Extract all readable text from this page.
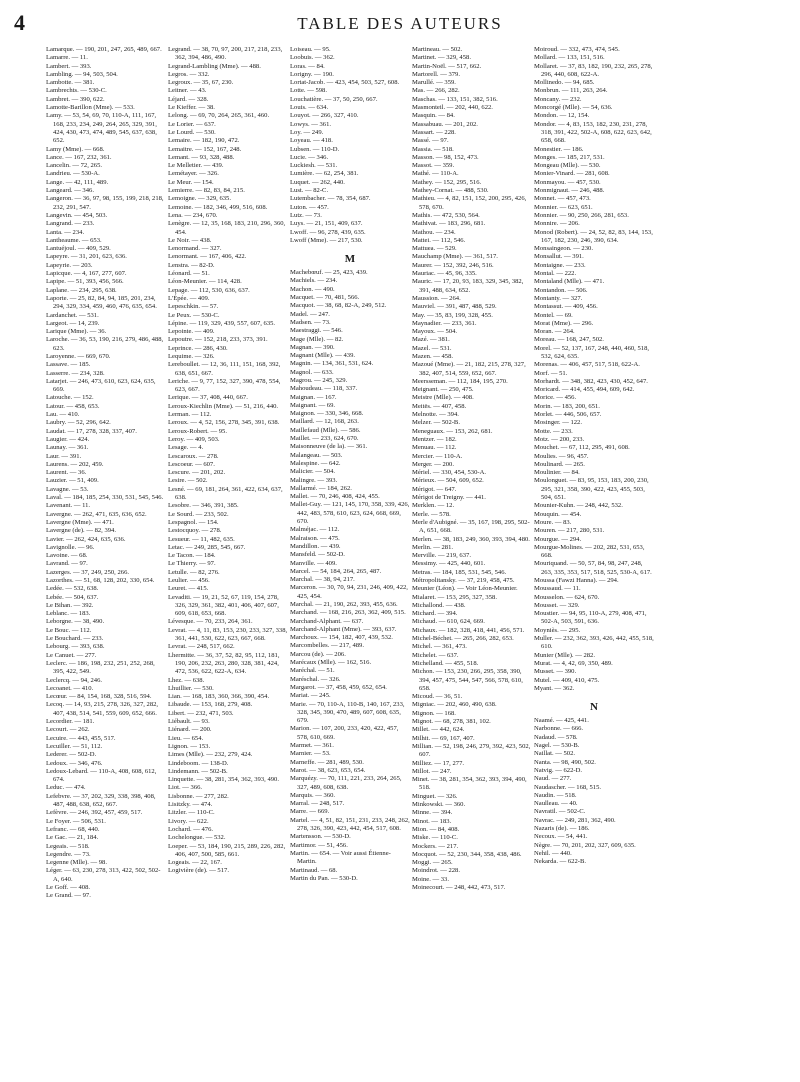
4	TABLE DES AUTEURS
Lamarque. — 190, 201, 247, 265, 489, 667.
Lamarre. — 11.
Lambert. — 393.
Lambling. — 94, 503, 504.
Lambotte. — 381.
Lambrechts. — 530-C.
Lambret. — 390, 622.
Lamotte-Barillon (Mme). — 533.
Lamy. — 53, 54, 69, 70, 110-A, 111, 167, 168, 233, 234, 249, 264, 265, 329, 391, 424, 430, 473, 474, 489, 545, 637, 638, 652.
Lamy (Mme). — 668.
Lance. — 167, 232, 361.
Lancelin. — 72, 265.
Landrieu. — 530-A.
Lange. — 42, 111, 489.
Langeard. — 346.
Langeron. — 36, 97, 98, 155, 199, 218, 218, 232, 291, 547.
Langevin. — 454, 503.
Langrand. — 233.
Lanta. — 234.
Lantheaume. — 653.
Lantuéjoul. — 409, 529.
Lapeyre. — 31, 201, 623, 636.
Lapeyrie. — 203.
Lapicque. — 4, 167, 277, 607.
Lapipe. — 51, 393, 456, 566.
Laplane. — 234, 295, 638.
Laporte. — 25, 82, 84, 94, 185, 201, 234, 294, 329, 334, 459, 460, 476, 635, 654.
Lardanchet. — 531.
Largeot. — 14, 239.
Larique (Mme). — 36.
Laroche. — 36, 53, 190, 216, 279, 486, 488, 623.
Laroyenne. — 669, 670.
Lassave. — 185.
Lasserre. — 234, 328.
Latarjet. — 246, 473, 610, 623, 624, 635, 669.
Latouche. — 152.
Latour. — 458, 653.
Lau. — 410.
Laubry. — 52, 296, 642.
Laudat. — 17, 278, 328, 337, 407.
Laugier. — 424.
Launay. — 361.
Laur. — 391.
Laurens. — 202, 459.
Laurent. — 36.
Lauzier. — 51, 409.
Lavagne. — 53.
Laval. — 184, 185, 254, 330, 531, 545, 546.
Lavenant. — 11.
Lavergne. — 262, 471, 635, 636, 652.
Lavergne (Mme). — 471.
Lavergne (de). — 82, 394.
Lavier. — 262, 424, 635, 636.
Lavignolle. — 96.
Lavoine. — 68.
Lavrand. — 97.
Lazerges. — 37, 249, 250, 266.
Lazorthes. — 51, 68, 128, 202, 330, 654.
Ledée. — 532, 638.
Lebée. — 504, 637.
Le Bihan. — 392.
Leblanc. — 183.
Leborgne. — 38, 490.
Le Bouc. — 112.
Le Bouchard. — 233.
Lebourg. — 393, 638.
Le Canuet. — 277.
Leclerc. — 186, 198, 232, 251, 252, 268, 395, 422, 549.
Leclercq. — 94, 246.
Lecoanet. — 410.
Lecœur. — 84, 154, 168, 328, 516, 594.
Lecoq. — 14, 93, 215, 278, 326, 327, 282, 407, 438, 514, 541, 559, 609, 652, 666.
Lecordier. — 181.
Lecourt. — 262.
Lecuire. — 443, 455, 517.
Lecuiller. — 51, 112.
Lederer. — 502-D.
Ledoux. — 346, 476.
Ledoux-Lebard. — 110-A, 408, 608, 612, 674.
Leduc. — 474.
Lefebvre. — 37, 202, 329, 338, 398, 408, 487, 488, 638, 652, 667.
Lefèvre. — 246, 392, 457, 459, 517.
Le Foyer. — 506, 531.
Lefranc. — 68, 440.
Le Gac. — 21, 184.
Legeais. — 518.
Legendre. — 73.
Legenne (Mlle). — 98.
Léger. — 63, 230, 278, 313, 422, 502, 502-A, 640.
Le Goff. — 408.
Le Grand. — 97.
Legrand. — 38, 70, 97, 200, 217, 218, 233, 362, 394, 486, 490.
Legrand-Lambling (Mme). — 488.
Legros. — 332.
Legroux. — 35, 67, 230.
Leitner. — 43.
Léjard. — 328.
Le Kieffer. — 38.
Lelong. — 69, 70, 264, 265, 361, 460.
Le Lorier. — 637.
Le Lourd. — 530.
Lemaire. — 182, 190, 472.
Lemaitre. — 152, 167, 248.
Lemant. — 93, 328, 488.
Le Melletier. — 439.
Lemétayer. — 326.
Le Meur. — 154.
Lemierre. — 82, 83, 84, 215.
Lemoigne. — 329, 635.
Lemoine. — 182, 346, 499, 516, 608.
Lena. — 234, 670.
Lenègre. — 12, 35, 168, 183, 210, 296, 360, 454.
Le Noir. — 438.
Lenormand. — 327.
Lenormant. — 167, 406, 422.
Lenstra. — 82-D.
Léonard. — 51.
Léon-Meunier. — 114, 428.
Lepage. — 112, 530, 636, 637.
L'Épée. — 409.
Lepeschkin. — 57.
Le Peux. — 530-C.
Lépine. — 119, 329, 439, 557, 607, 635.
Lepointe. — 409.
Lepoutre. — 152, 218, 233, 373, 391.
Leprince. — 286, 430.
Lequime. — 326.
Lereboullet. — 12, 36, 111, 151, 168, 392, 638, 651, 667.
Leriche. — 9, 77, 152, 327, 390, 478, 554, 623, 667.
Lerique. — 37, 408, 440, 667.
Leroux-Kiechlin (Mme). — 51, 216, 440.
Lerman. — 112.
Leroux. — 4, 52, 156, 278, 345, 391, 638.
Leroux-Robert. — 95.
Leroy. — 409, 503.
Lesage. — 4.
Lescaroux. — 278.
Lescoeur. — 607.
Lescure. — 201, 202.
Lesire. — 502.
Lesné. — 69, 181, 264, 361, 422, 634, 637, 638.
Lesobre. — 346, 391, 385.
Le Sourd. — 233, 502.
Lespagnol. — 154.
Lestocquoy. — 278.
Lesueur. — 11, 482, 635.
Letac. — 249, 285, 545, 667.
Le Tacon. — 184.
Le Thierry. — 97.
Letulle. — 82, 276.
Leulier. — 456.
Leuret. — 415.
Levaditi. — 19, 21, 52, 67, 119, 154, 278, 326, 329, 361, 382, 401, 406, 407, 607, 609, 618, 653, 668.
Lévesque. — 70, 233, 264, 361.
Levrat. — 4, 11, 83, 153, 230, 233, 327, 338, 361, 441, 530, 622, 623, 667, 668.
Levrat. — 248, 517, 662.
Lhermitte. — 36, 37, 52, 82, 95, 112, 181, 190, 206, 232, 263, 280, 328, 381, 424, 472, 536, 622, 622-A, 634.
Lhez. — 638.
Lhuillier. — 530.
Lian. — 168, 183, 360, 366, 390, 454.
Libaude. — 153, 168, 279, 408.
Libert. — 232, 471, 503.
Liébault. — 93.
Liénard. — 200.
Lieu. — 654.
Lignon. — 153.
Limes (Mlle). — 232, 279, 424.
Lindeboom. — 138-D.
Lindemann. — 502-B.
Linquette. — 38, 281, 354, 362, 393, 490.
Liot. — 366.
Lisbonne. — 277, 282.
Lisitzky. — 474.
Litzler. — 110-C.
Livory. — 622.
Lochard. — 476.
Lochelongue. — 532.
Loeper. — 53, 184, 190, 215, 289, 226, 282, 406, 407, 500, 585, 661.
Logeais. — 22, 167.
Logivière (de). — 517.
Loiseau. — 95.
Loobuis. — 362.
Loras. — 84.
Lorigny. — 190.
Lortat-Jacob. — 423, 454, 503, 527, 608.
Lotte. — 598.
Louchatière. — 37, 50, 250, 667.
Louis. — 634.
Louyot. — 266, 327, 410.
Lowys. — 361.
Loy. — 249.
Loyeau. — 418.
Lubsen. — 110-D.
Lucie. — 346.
Luckiesh. — 531.
Lumière. — 62, 254, 381.
Luquet. — 262, 440.
Lust. — 82-C.
Lutembacher. — 78, 354, 687.
Luton. — 457.
Lutz. — 73.
Luys. — 21, 151, 409, 637.
Lwoff. — 96, 278, 439, 635.
Lwoff (Mme). — 217, 530.
M
Machebœuf. — 25, 423, 439.
Machiels. — 234.
Machon. — 490.
Macquet. — 70, 481, 566.
Macquot. — 38, 68, 82-A, 249, 512.
Madel. — 247.
Madsen. — 73.
Maestraggi. — 546.
Mage (Mlle). — 82.
Magnan. — 390.
Magnant (Mlle). — 439.
Magnin. — 134, 361, 531, 624.
Magnol. — 633.
Magrou. — 245, 329.
Mahoudeau. — 118, 337.
Maignan. — 167.
Maignant. — 69.
Maignon. — 330, 346, 668.
Maillard. — 12, 168, 263.
Maillefaud (Mlle). — 586.
Maillet. — 233, 624, 670.
Maisonneuve (de la). — 361.
Malangeau. — 503.
Malespine. — 642.
Malicier. — 504.
Malingre. — 393.
Mallarmé. — 184, 262.
Mallet. — 70, 246, 408, 424, 455.
Mallet-Guy. — 121, 145, 170, 358, 339, 426, 442, 483, 578, 610, 623, 624, 668, 669, 670.
Malméjac. — 112.
Malraison. — 475.
Mandillon. — 439.
Mansfeld. — 502-D.
Manville. — 409.
Marcel. — 54, 184, 264, 265, 487.
Marchal. — 38, 94, 217.
Marceron. — 30, 70, 94, 231, 246, 409, 422, 425, 454.
Marchal. — 21, 190, 262, 393, 455, 636.
Marchand. — 168, 216, 263, 362, 409, 515.
Marchand-Alphant. — 637.
Marchand-Alphant (Mme). — 393, 637.
Marchoux. — 154, 182, 407, 439, 532.
Marcombelles. — 217, 489.
Marcou (de). — 206.
Marécaux (Mlle). — 162, 516.
Maréchal. — 51.
Maréschal. — 326.
Margarot. — 37, 458, 459, 652, 654.
Mariat. — 245.
Marie. — 70, 110-A, 110-B, 140, 167, 233, 328, 345, 390, 470, 489, 607, 608, 635, 679.
Marion. — 107, 200, 233, 420, 422, 457, 578, 610, 669.
Marmet. — 361.
Marnier. — 53.
Marneffe. — 281, 489, 530.
Marot. — 38, 623, 653, 654.
Marquézy. — 70, 111, 221, 233, 264, 265, 327, 489, 608, 638.
Marquis. — 360.
Marral. — 248, 517.
Marre. — 669.
Martel. — 4, 51, 82, 151, 231, 233, 248, 262, 278, 326, 390, 423, 442, 454, 517, 608.
Martensson. — 530-D.
Martimor. — 51, 456.
Martin. — 654. — Voir aussi Étienne-Martin.
Martinaud. — 68.
Martin du Pan. — 530-D.
Martineau. — 502.
Martinet. — 329, 458.
Martin-Noël. — 517, 662.
Martorell. — 379.
Marullé. — 359.
Mas. — 266, 282.
Maschas. — 133, 151, 382, 516.
Masmonteil. — 202, 440, 622.
Masquin. — 84.
Massabuau. — 201, 202.
Massart. — 228.
Massé. — 97.
Massia. — 518.
Masson. — 98, 152, 473.
Massot. — 359.
Mathé. — 110-A.
Mathey. — 152, 295, 516.
Mathey-Cornat. — 488, 530.
Mathieu. — 4, 82, 151, 152, 200, 295, 426, 578, 670.
Mathis. — 472, 530, 564.
Mathivat. — 183, 296, 681.
Mathou. — 234.
Mattei. — 112, 546.
Mattuea. — 529.
Mauchamp (Mme). — 361, 517.
Maurer. — 152, 392, 246, 516.
Mauriac. — 45, 96, 335.
Mauric. — 17, 20, 93, 183, 329, 345, 382, 391, 488, 634, 652.
Maussion. — 264.
Mauviel. — 391, 487, 488, 529.
May. — 35, 83, 199, 328, 455.
Maynadier. — 233, 361.
Mayoux. — 504.
Mazé. — 381.
Mazel. — 531.
Mazen. — 458.
Mazoué (Mme). — 21, 182, 215, 278, 327, 382, 407, 514, 559, 652, 667.
Meersseman. — 112, 184, 195, 270.
Meignant. — 250, 475.
Meistre (Mlle). — 408.
Meitës. — 407, 458.
Melnotte. — 394.
Melzer. — 502-B.
Meneguaux. — 153, 262, 681.
Mentzer. — 182.
Menuau. — 112.
Mercier. — 110-A.
Merger. — 200.
Mériel. — 330, 454, 530-A.
Mérieux. — 504, 609, 652.
Mérigot. — 647.
Mérigot de Treigny. — 441.
Merklen. — 12.
Merle. — 578.
Merle d'Aubigné. — 35, 167, 198, 295, 502-A, 651, 668.
Merlen. — 38, 183, 249, 360, 393, 394, 480.
Merlin. — 281.
Merville. — 219, 637.
Messimy. — 425, 440, 601.
Metras. — 184, 185, 531, 545, 546.
Métropolitansky. — 37, 219, 458, 475.
Meunier (Léon). — Voir Léon-Meunier.
Mialaret. — 153, 295, 327, 358.
Michallond. — 438.
Michard. — 394.
Michaud. — 610, 624, 669.
Michaux. — 182, 328, 418, 441, 456, 571.
Michel-Béchet. — 265, 266, 282, 653.
Michel. — 361, 473.
Michelet. — 637.
Michelland. — 455, 518.
Michon. — 153, 230, 266, 295, 358, 390, 394, 457, 475, 544, 547, 566, 578, 610, 658.
Micoud. — 36, 51.
Migniac. — 202, 460, 490, 638.
Mignon. — 168.
Mignot. — 68, 278, 381, 102.
Millet. — 442, 624.
Milhit. — 69, 167, 407.
Millian. — 52, 198, 246, 279, 392, 423, 502, 607.
Milliez. — 17, 277.
Millot. — 247.
Minet. — 38, 281, 354, 362, 393, 394, 490, 518.
Minguet. — 326.
Minkowski. — 360.
Minne. — 394.
Minot. — 183.
Mion. — 84, 408.
Miske. — 110-C.
Mockers. — 217.
Mocquot. — 52, 230, 344, 358, 438, 486.
Moggi. — 265.
Moindrot. — 228.
Moine. — 33.
Moinecourt. — 248, 442, 473, 517.
Moiroud. — 332, 473, 474, 545.
Mollard. — 133, 151, 516.
Mollaret. — 37, 83, 182, 190, 232, 265, 278, 296, 440, 608, 622-A.
Mollinedo. — 94, 685.
Monbrun. — 111, 263, 264.
Moncany. — 232.
Moncorgé (Mlle). — 54, 636.
Mondon. — 12, 154.
Mondor. — 4, 83, 153, 182, 230, 231, 278, 318, 391, 422, 502-A, 608, 622, 623, 642, 658, 668.
Monestier. — 186.
Monges. — 185, 217, 531.
Mongeau (Mlle). — 530.
Monier-Vinard. — 281, 608.
Monmayou. — 457, 530.
Monmignaut. — 246, 488.
Monnet. — 457, 473.
Monnier. — 623, 651.
Monnier. — 90, 250, 266, 281, 653.
Monnire. — 206.
Monod (Robert). — 24, 52, 82, 83, 144, 153, 167, 182, 230, 246, 390, 634.
Monsaingeon. — 230.
Monsallut. — 391.
Montaigne. — 233.
Montal. — 222.
Montaland (Mlle). — 471.
Montandon. — 506.
Montanty. — 327.
Montassut. — 409, 456.
Montel. — 69.
Morat (Mme). — 296.
Moran. — 264.
Moreau. — 168, 247, 502.
Morel. — 52, 137, 167, 248, 440, 460, 518, 532, 624, 635.
Morenas. — 406, 457, 517, 518, 622-A.
Morf. — 51.
Morhardt. — 348, 382, 423, 430, 452, 647.
Moricard. — 414, 455, 494, 609, 642.
Morice. — 456.
Morin. — 183, 200, 651.
Morlet. — 446, 506, 657.
Mosinger. — 122.
Motte. — 233.
Motz. — 200, 233.
Mouchet. — 67, 112, 295, 491, 608.
Moulies. — 96, 457.
Moulinard. — 265.
Moulinier. — 84.
Moulonguet. — 83, 95, 153, 183, 200, 230, 295, 321, 358, 390, 422, 423, 455, 503, 504, 651.
Mounier-Kuhn. — 248, 442, 532.
Mouquin. — 454.
Moure. — 83.
Mouren. — 217, 280, 531.
Mourgue. — 294.
Mourgue-Molines. — 202, 282, 531, 653, 668.
Mouriquand. — 50, 57, 84, 98, 247, 248, 263, 335, 353, 517, 518, 525, 530-A, 617.
Moussa (Fawzi Hanna). — 294.
Moussaud. — 11.
Mousselon. — 624, 670.
Mousset. — 329.
Moustier. — 94, 95, 110-A, 279, 408, 471, 502-A, 503, 591, 636.
Moyniès. — 295.
Muller. — 232, 362, 393, 426, 442, 455, 518, 610.
Munier (Mlle). — 282.
Murat. — 4, 42, 69, 350, 489.
Musset. — 390.
Mutel. — 409, 410, 475.
Myant. — 362.
N
Naamé. — 425, 441.
Narbonne. — 666.
Nadaud. — 578.
Nagel. — 530-B.
Naillat. — 502.
Nanta. — 98, 490, 502.
Natvig. — 622-D.
Naud. — 277.
Naudascher. — 168, 515.
Naudin. — 518.
Naulleau. — 40.
Navratil. — 502-C.
Navrac. — 249, 281, 362, 490.
Nazaris (de). — 186.
Necoux. — 54, 441.
Nègre. — 70, 201, 202, 327, 609, 635.
Nehil. — 440.
Nekarda. — 622-B.
